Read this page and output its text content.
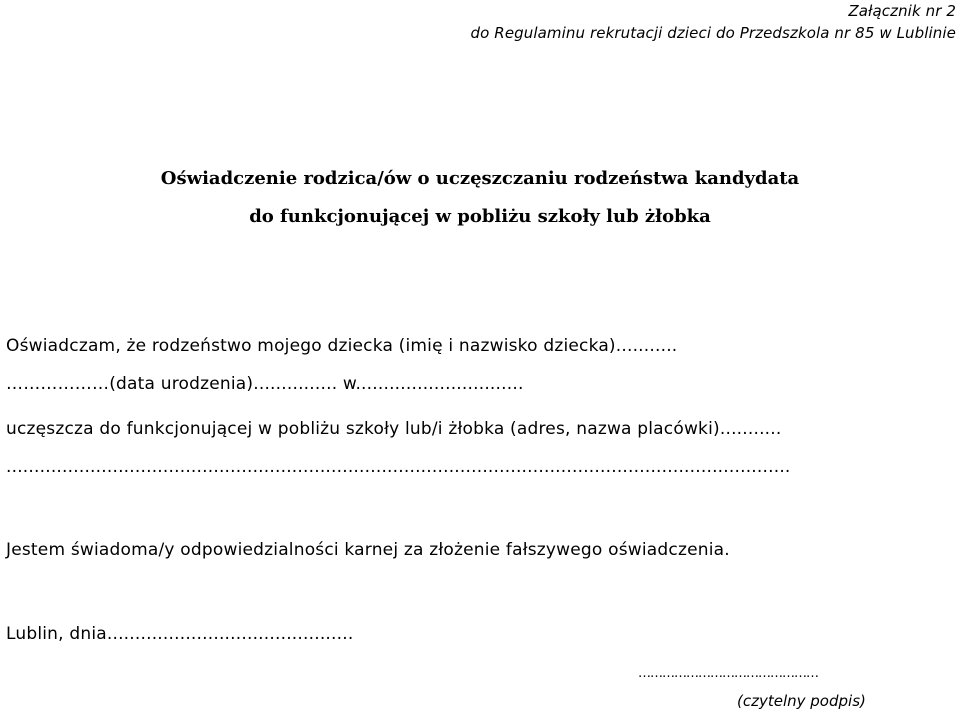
Załącznik nr 2
do Regulaminu rekrutacji dzieci do Przedszkola nr 85 w Lublinie
Oświadczenie rodzica/ów o uczęszczaniu rodzeństwa kandydata
do funkcjonującej w pobliżu szkoły lub żłobka
Oświadczam, że rodzeństwo mojego dziecka (imię i nazwisko dziecka)...........
………………(data urodzenia)............... w..............................
uczęszcza do funkcjonującej w pobliżu szkoły lub/i żłobka (adres, nazwa placówki)...........
............................................................................................................................................
Jestem świadoma/y odpowiedzialności karnej za złożenie fałszywego oświadczenia.
Lublin, dnia............................................
………………………………………
(czytelny podpis)
